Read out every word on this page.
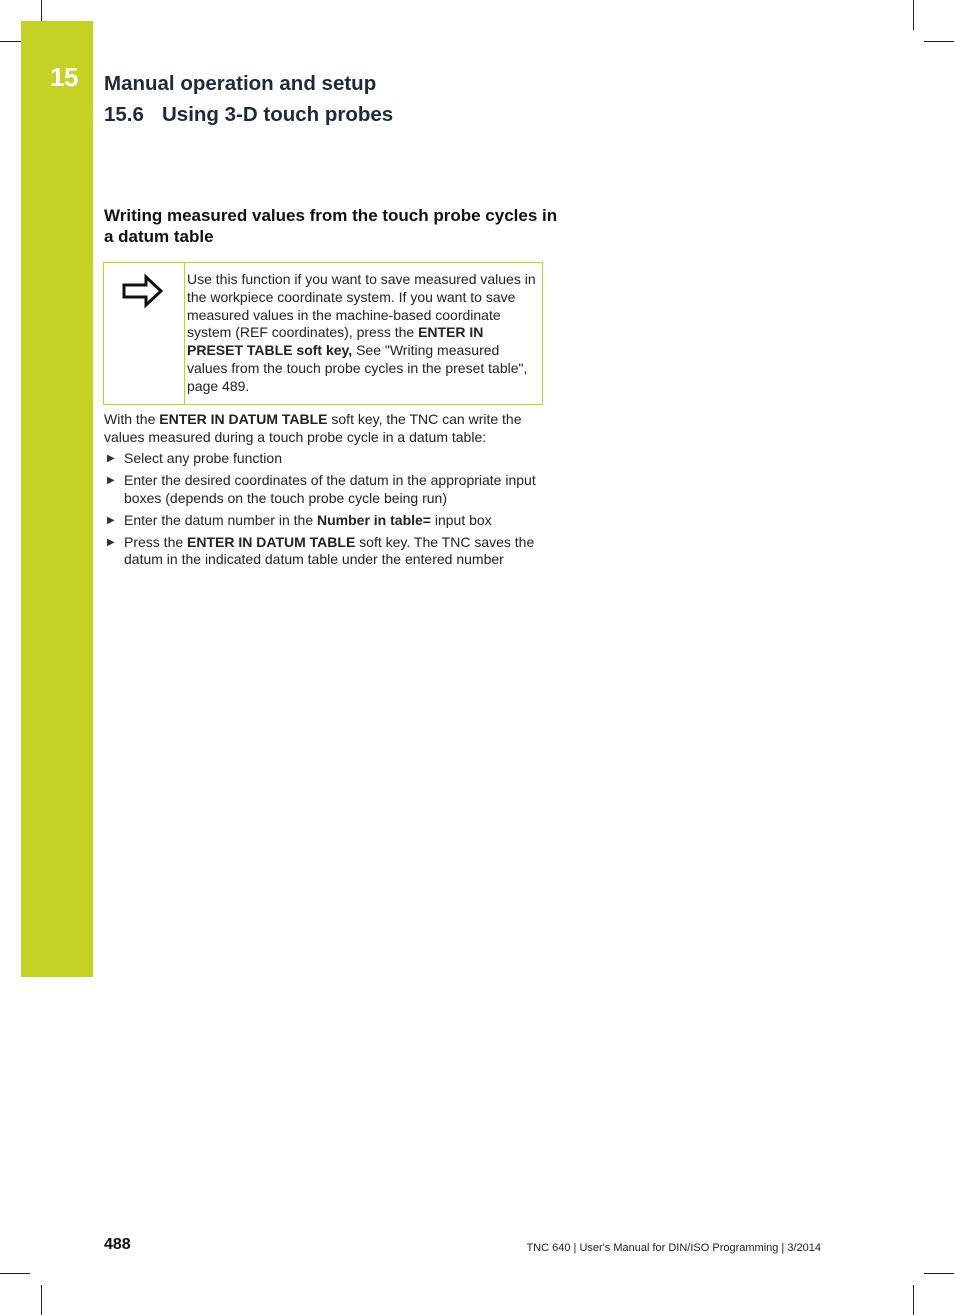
15 Manual operation and setup
15.6 Using 3-D touch probes
Writing measured values from the touch probe cycles in a datum table
Use this function if you want to save measured values in the workpiece coordinate system. If you want to save measured values in the machine-based coordinate system (REF coordinates), press the ENTER IN PRESET TABLE soft key, See "Writing measured values from the touch probe cycles in the preset table", page 489.
With the ENTER IN DATUM TABLE soft key, the TNC can write the values measured during a touch probe cycle in a datum table:
▶ Select any probe function
▶ Enter the desired coordinates of the datum in the appropriate input boxes (depends on the touch probe cycle being run)
▶ Enter the datum number in the Number in table= input box
▶ Press the ENTER IN DATUM TABLE soft key. The TNC saves the datum in the indicated datum table under the entered number
488	TNC 640 | User's Manual for DIN/ISO Programming | 3/2014
